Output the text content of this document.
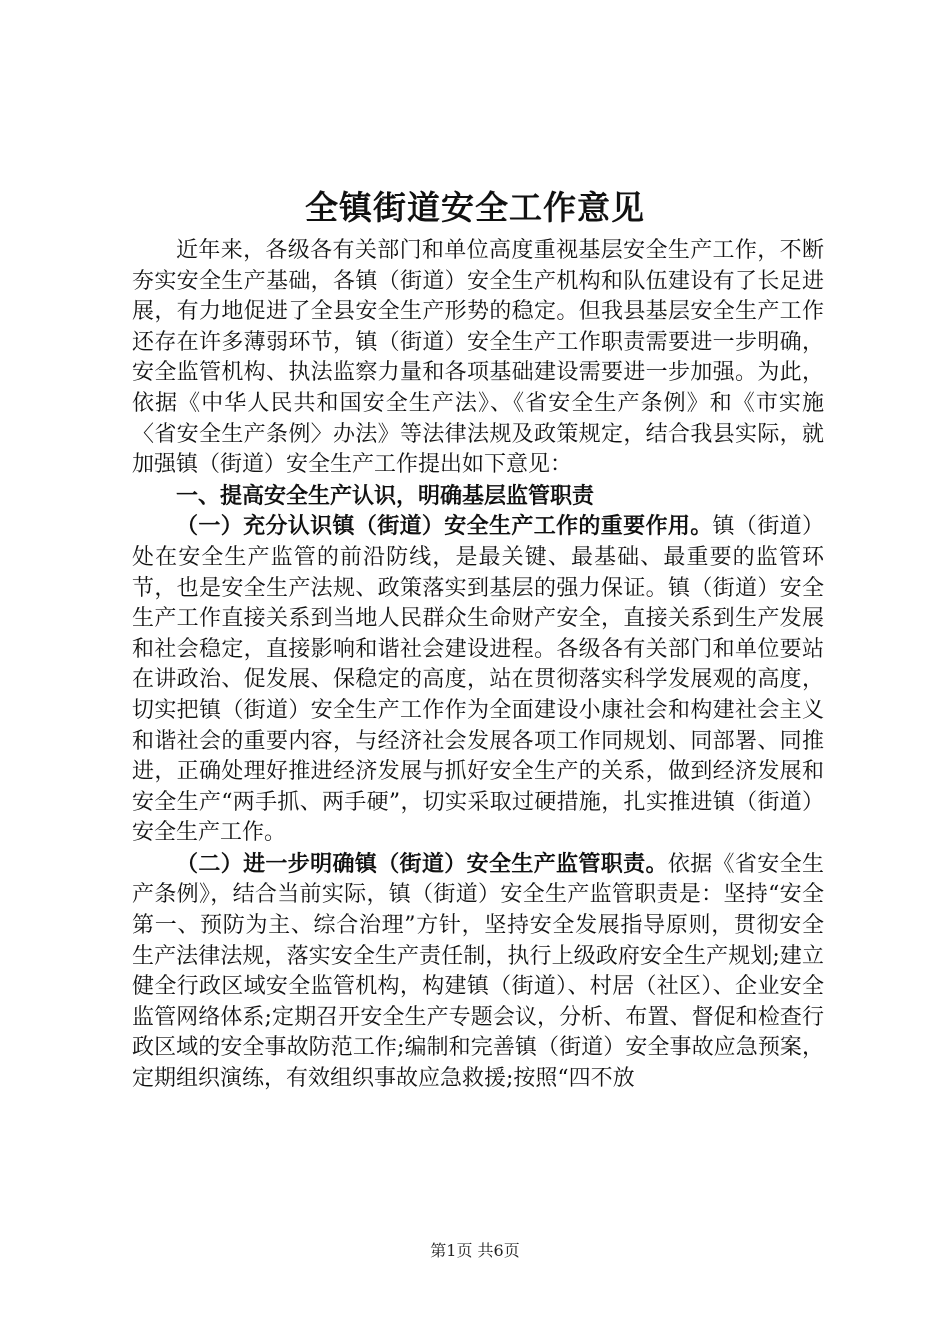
全镇街道安全工作意见

近年来，各级各有关部门和单位高度重视基层安全生产工作，不断夯实安全生产基础，各镇（街道）安全生产机构和队伍建设有了长足进展，有力地促进了全县安全生产形势的稳定。但我县基层安全生产工作还存在许多薄弱环节，镇（街道）安全生产工作职责需要进一步明确，安全监管机构、执法监察力量和各项基础建设需要进一步加强。为此，依据《中华人民共和国安全生产法》、《省安全生产条例》和《市实施〈省安全生产条例〉办法》等法律法规及政策规定，结合我县实际，就加强镇（街道）安全生产工作提出如下意见：

一、提高安全生产认识，明确基层监管职责

（一）充分认识镇（街道）安全生产工作的重要作用。镇（街道）处在安全生产监管的前沿防线，是最关键、最基础、最重要的监管环节，也是安全生产法规、政策落实到基层的强力保证。镇（街道）安全生产工作直接关系到当地人民群众生命财产安全，直接关系到生产发展和社会稳定，直接影响和谐社会建设进程。各级各有关部门和单位要站在讲政治、促发展、保稳定的高度，站在贯彻落实科学发展观的高度，切实把镇（街道）安全生产工作作为全面建设小康社会和构建社会主义和谐社会的重要内容，与经济社会发展各项工作同规划、同部署、同推进，正确处理好推进经济发展与抓好安全生产的关系，做到经济发展和安全生产“两手抓、两手硬”，切实采取过硬措施，扎实推进镇（街道）安全生产工作。

（二）进一步明确镇（街道）安全生产监管职责。依据《省安全生产条例》，结合当前实际，镇（街道）安全生产监管职责是：坚持“安全第一、预防为主、综合治理”方针，坚持安全发展指导原则，贯彻安全生产法律法规，落实安全生产责任制，执行上级政府安全生产规划;建立健全行政区域安全监管机构，构建镇（街道）、村居（社区）、企业安全监管网络体系;定期召开安全生产专题会议，分析、布置、督促和检查行政区域的安全事故防范工作;编制和完善镇（街道）安全事故应急预案，定期组织演练，有效组织事故应急救援;按照“四不放

第1页 共6页
